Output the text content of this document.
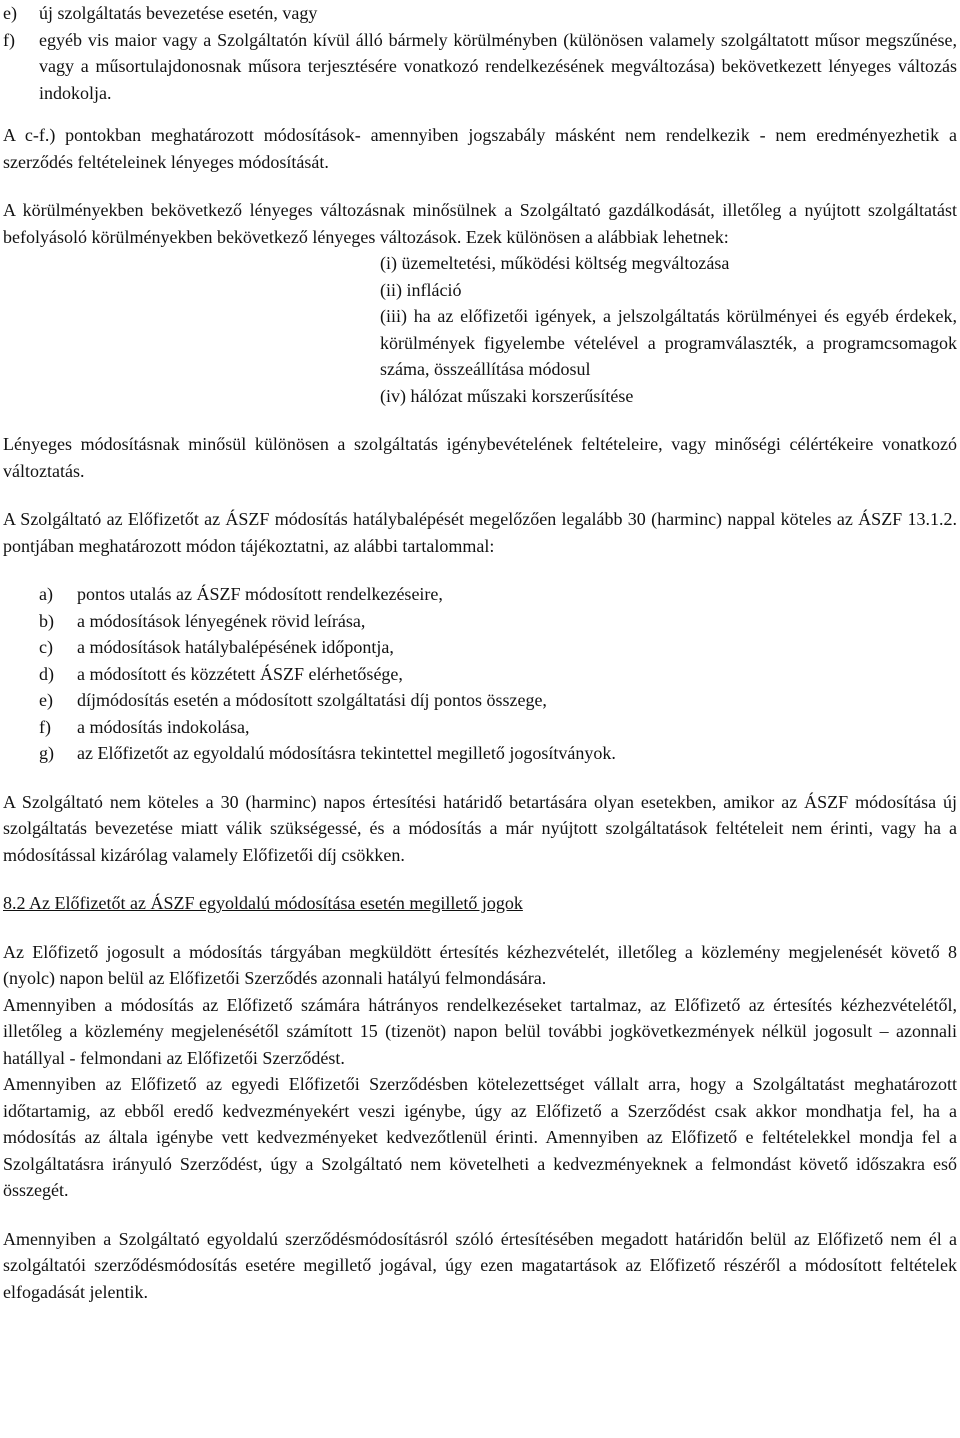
e)	új szolgáltatás bevezetése esetén, vagy
f)	egyéb vis maior vagy a Szolgáltatón kívül álló bármely körülményben (különösen valamely szolgáltatott műsor megszűnése, vagy a műsortulajdonosnak műsora terjesztésére vonatkozó rendelkezésének megváltozása) bekövetkezett lényeges változás indokolja.

A c-f.) pontokban meghatározott módosítások- amennyiben jogszabály másként nem rendelkezik - nem eredményezhetik a szerződés feltételeinek lényeges módosítását.

A körülményekben bekövetkező lényeges változásnak minősülnek a Szolgáltató gazdálkodását, illetőleg a nyújtott szolgáltatást befolyásoló körülményekben bekövetkező lényeges változások. Ezek különösen a alábbiak lehetnek:

(i) üzemeltetési, működési költség megváltozása

(ii) infláció

(iii) ha az előfizetői igények, a jelszolgáltatás körülményei és egyéb érdekek, körülmények figyelembe vételével a programválaszték, a programcsomagok száma, összeállítása módosul

(iv) hálózat műszaki korszerűsítése

Lényeges módosításnak minősül különösen a szolgáltatás igénybevételének feltételeire, vagy minőségi célértékeire vonatkozó változtatás.

A Szolgáltató az Előfizetőt az ÁSZF módosítás hatálybalépését megelőzően legalább 30 (harminc) nappal köteles az ÁSZF 13.1.2. pontjában meghatározott módon tájékoztatni, az alábbi tartalommal:

a)	pontos utalás az ÁSZF módosított rendelkezéseire,
b)	a módosítások lényegének rövid leírása,
c)	a módosítások hatálybalépésének időpontja,
d)	a módosított és közzétett ÁSZF elérhetősége,
e)	díjmódosítás esetén a módosított szolgáltatási díj pontos összege,
f)	a módosítás indokolása,
g)	az Előfizetőt az egyoldalú módosításra tekintettel megillető jogosítványok.

A Szolgáltató nem köteles a 30 (harminc) napos értesítési határidő betartására olyan esetekben, amikor az ÁSZF módosítása új szolgáltatás bevezetése miatt válik szükségessé, és a módosítás a már nyújtott szolgáltatások feltételeit nem érinti, vagy ha a módosítással kizárólag valamely Előfizetői díj csökken.

8.2 Az Előfizetőt az ÁSZF egyoldalú módosítása esetén megillető jogok

Az Előfizető jogosult a módosítás tárgyában megküldött értesítés kézhezvételét, illetőleg a közlemény megjelenését követő 8 (nyolc) napon belül az Előfizetői Szerződés azonnali hatályú felmondására.

Amennyiben a módosítás az Előfizető számára hátrányos rendelkezéseket tartalmaz, az Előfizető az értesítés kézhezvételétől, illetőleg a közlemény megjelenésétől számított 15 (tizenöt) napon belül további jogkövetkezmények nélkül jogosult – azonnali hatállyal - felmondani az Előfizetői Szerződést.

Amennyiben az Előfizető az egyedi Előfizetői Szerződésben kötelezettséget vállalt arra, hogy a Szolgáltatást meghatározott időtartamig, az ebből eredő kedvezményekért veszi igénybe, úgy az Előfizető a Szerződést csak akkor mondhatja fel, ha a módosítás az általa igénybe vett kedvezményeket kedvezőtlenül érinti. Amennyiben az Előfizető e feltételekkel mondja fel a Szolgáltatásra irányuló Szerződést, úgy a Szolgáltató nem követelheti a kedvezményeknek a felmondást követő időszakra eső összegét.

Amennyiben a Szolgáltató egyoldalú szerződésmódosításról szóló értesítésében megadott határidőn belül az Előfizető nem él a szolgáltatói szerződésmódosítás esetére megillető jogával, úgy ezen magatartások az Előfizető részéről a módosított feltételek elfogadását jelentik.
